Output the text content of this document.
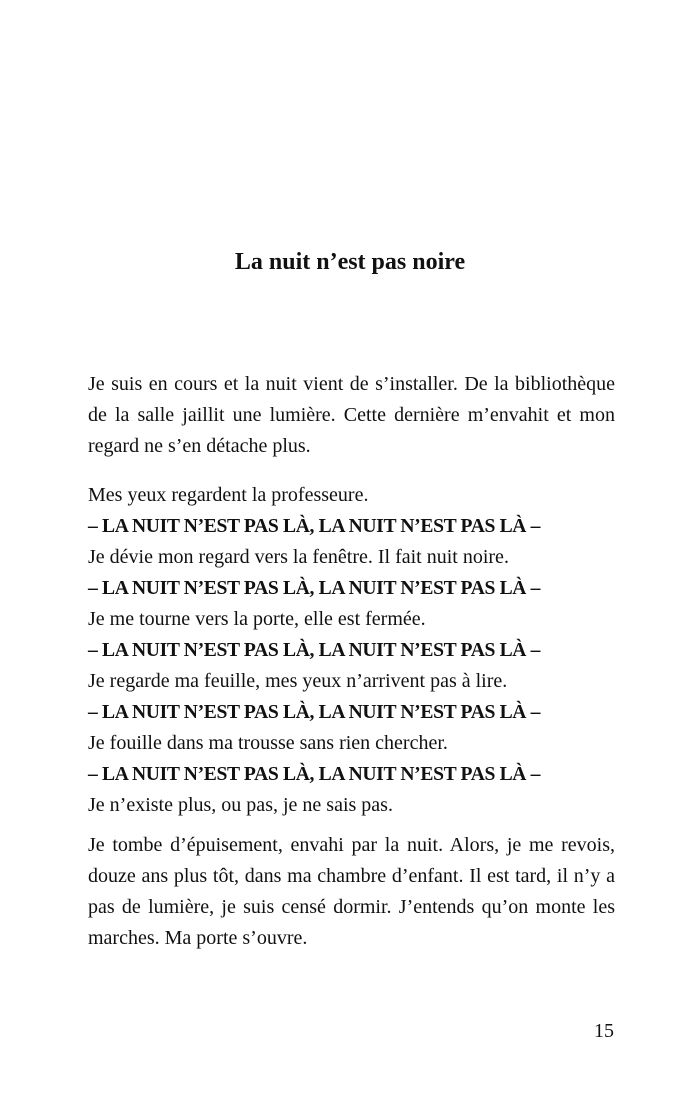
La nuit n’est pas noire

Je suis en cours et la nuit vient de s’installer. De la bibliothèque de la salle jaillit une lumière. Cette dernière m’envahit et mon regard ne s’en détache plus.

Mes yeux regardent la professeure.
– LA NUIT N’EST PAS LÀ, LA NUIT N’EST PAS LÀ –
Je dévie mon regard vers la fenêtre. Il fait nuit noire.
– LA NUIT N’EST PAS LÀ, LA NUIT N’EST PAS LÀ –
Je me tourne vers la porte, elle est fermée.
– LA NUIT N’EST PAS LÀ, LA NUIT N’EST PAS LÀ –
Je regarde ma feuille, mes yeux n’arrivent pas à lire.
– LA NUIT N’EST PAS LÀ, LA NUIT N’EST PAS LÀ –
Je fouille dans ma trousse sans rien chercher.
– LA NUIT N’EST PAS LÀ, LA NUIT N’EST PAS LÀ –
Je n’existe plus, ou pas, je ne sais pas.

Je tombe d’épuisement, envahi par la nuit. Alors, je me revois, douze ans plus tôt, dans ma chambre d’enfant. Il est tard, il n’y a pas de lumière, je suis censé dormir. J’entends qu’on monte les marches. Ma porte s’ouvre.

15
